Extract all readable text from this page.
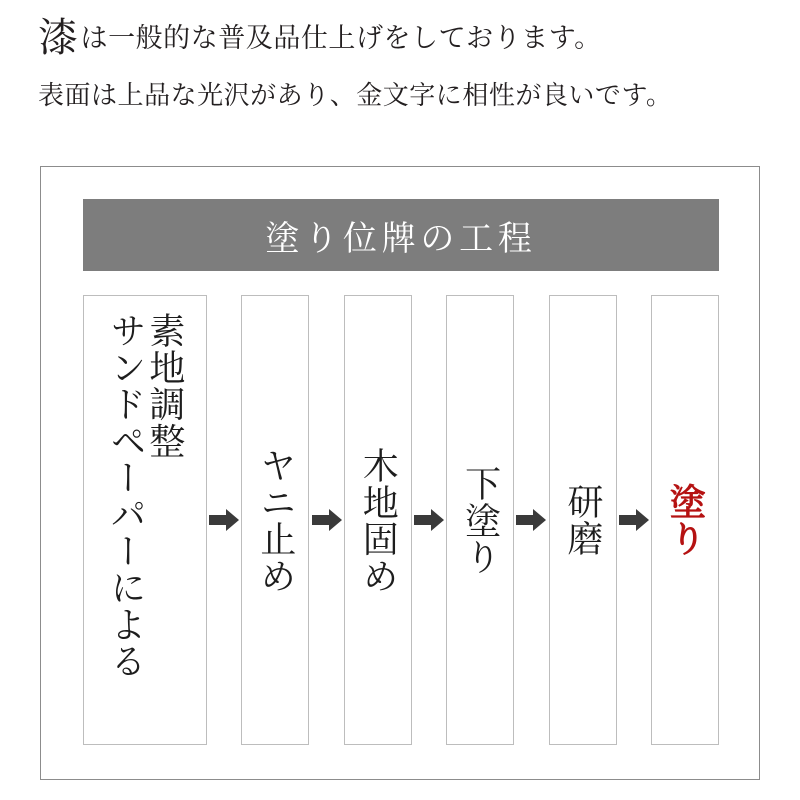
漆は一般的な普及品仕上げをしております。
表面は上品な光沢があり、金文字に相性が良いです。
塗り位牌の工程
素地調整
サンドペーパーによる	ヤニ止め 木地固め 下塗り 研磨 塗り
